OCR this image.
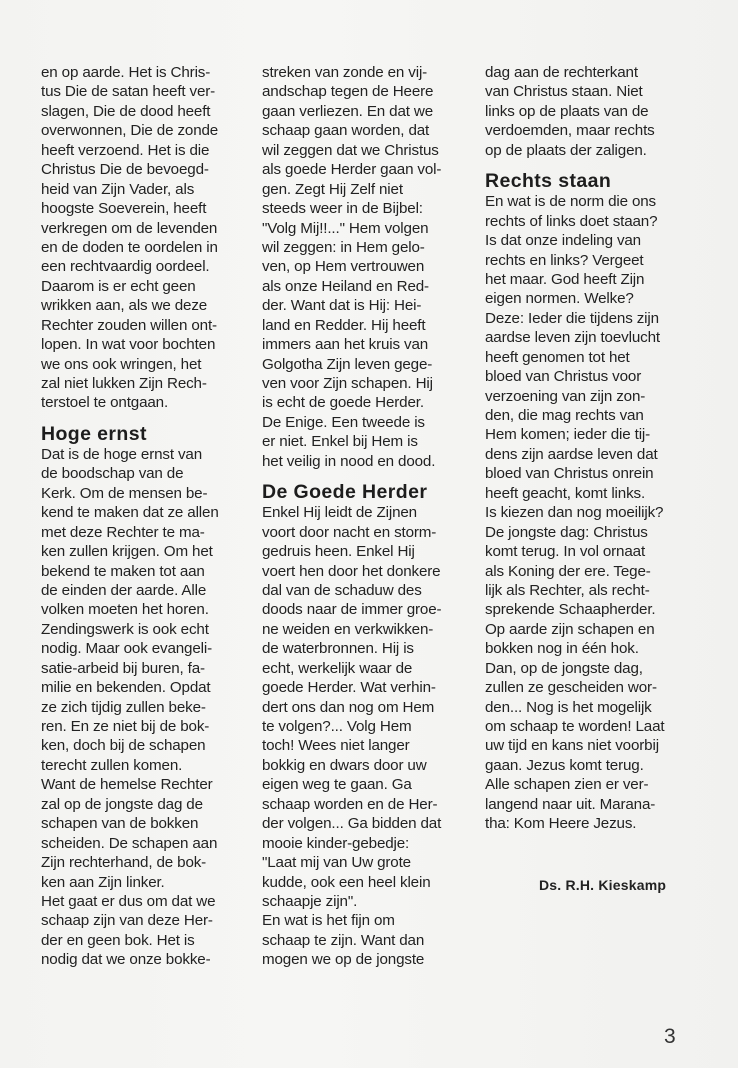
en op aarde. Het is Chris-
tus Die de satan heeft ver-
slagen, Die de dood heeft
overwonnen, Die de zonde
heeft verzoend. Het is die
Christus Die de bevoegd-
heid van Zijn Vader, als
hoogste Soeverein, heeft
verkregen om de levenden
en de doden te oordelen in
een rechtvaardig oordeel.
Daarom is er echt geen
wrikken aan, als we deze
Rechter zouden willen ont-
lopen. In wat voor bochten
we ons ook wringen, het
zal niet lukken Zijn Rech-
terstoel te ontgaan.
Hoge ernst
Dat is de hoge ernst van
de boodschap van de
Kerk. Om de mensen be-
kend te maken dat ze allen
met deze Rechter te ma-
ken zullen krijgen. Om het
bekend te maken tot aan
de einden der aarde. Alle
volken moeten het horen.
Zendingswerk is ook echt
nodig. Maar ook evangeli-
satie-arbeid bij buren, fa-
milie en bekenden. Opdat
ze zich tijdig zullen beke-
ren. En ze niet bij de bok-
ken, doch bij de schapen
terecht zullen komen.
Want de hemelse Rechter
zal op de jongste dag de
schapen van de bokken
scheiden. De schapen aan
Zijn rechterhand, de bok-
ken aan Zijn linker.
Het gaat er dus om dat we
schaap zijn van deze Her-
der en geen bok. Het is
nodig dat we onze bokke-
streken van zonde en vij-
andschap tegen de Heere
gaan verliezen. En dat we
schaap gaan worden, dat
wil zeggen dat we Christus
als goede Herder gaan vol-
gen. Zegt Hij Zelf niet
steeds weer in de Bijbel:
"Volg Mij!!..." Hem volgen
wil zeggen: in Hem gelo-
ven, op Hem vertrouwen
als onze Heiland en Red-
der. Want dat is Hij: Hei-
land en Redder. Hij heeft
immers aan het kruis van
Golgotha Zijn leven gege-
ven voor Zijn schapen. Hij
is echt de goede Herder.
De Enige. Een tweede is
er niet. Enkel bij Hem is
het veilig in nood en dood.
De Goede Herder
Enkel Hij leidt de Zijnen
voort door nacht en storm-
gedruis heen. Enkel Hij
voert hen door het donkere
dal van de schaduw des
doods naar de immer groe-
ne weiden en verkwikken-
de waterbronnen. Hij is
echt, werkelijk waar de
goede Herder. Wat verhin-
dert ons dan nog om Hem
te volgen?... Volg Hem
toch! Wees niet langer
bokkig en dwars door uw
eigen weg te gaan. Ga
schaap worden en de Her-
der volgen... Ga bidden dat
mooie kinder-gebedje:
"Laat mij van Uw grote
kudde, ook een heel klein
schaapje zijn".
En wat is het fijn om
schaap te zijn. Want dan
mogen we op de jongste
dag aan de rechterkant
van Christus staan. Niet
links op de plaats van de
verdoemden, maar rechts
op de plaats der zaligen.
Rechts staan
En wat is de norm die ons
rechts of links doet staan?
Is dat onze indeling van
rechts en links? Vergeet
het maar. God heeft Zijn
eigen normen. Welke?
Deze: Ieder die tijdens zijn
aardse leven zijn toevlucht
heeft genomen tot het
bloed van Christus voor
verzoening van zijn zon-
den, die mag rechts van
Hem komen; ieder die tij-
dens zijn aardse leven dat
bloed van Christus onrein
heeft geacht, komt links.
Is kiezen dan nog moeilijk?
De jongste dag: Christus
komt terug. In vol ornaat
als Koning der ere. Tege-
lijk als Rechter, als recht-
sprekende Schaapherder.
Op aarde zijn schapen en
bokken nog in één hok.
Dan, op de jongste dag,
zullen ze gescheiden wor-
den... Nog is het mogelijk
om schaap te worden! Laat
uw tijd en kans niet voorbij
gaan. Jezus komt terug.
Alle schapen zien er ver-
langend naar uit. Marana-
tha: Kom Heere Jezus.
Ds. R.H. Kieskamp
3
